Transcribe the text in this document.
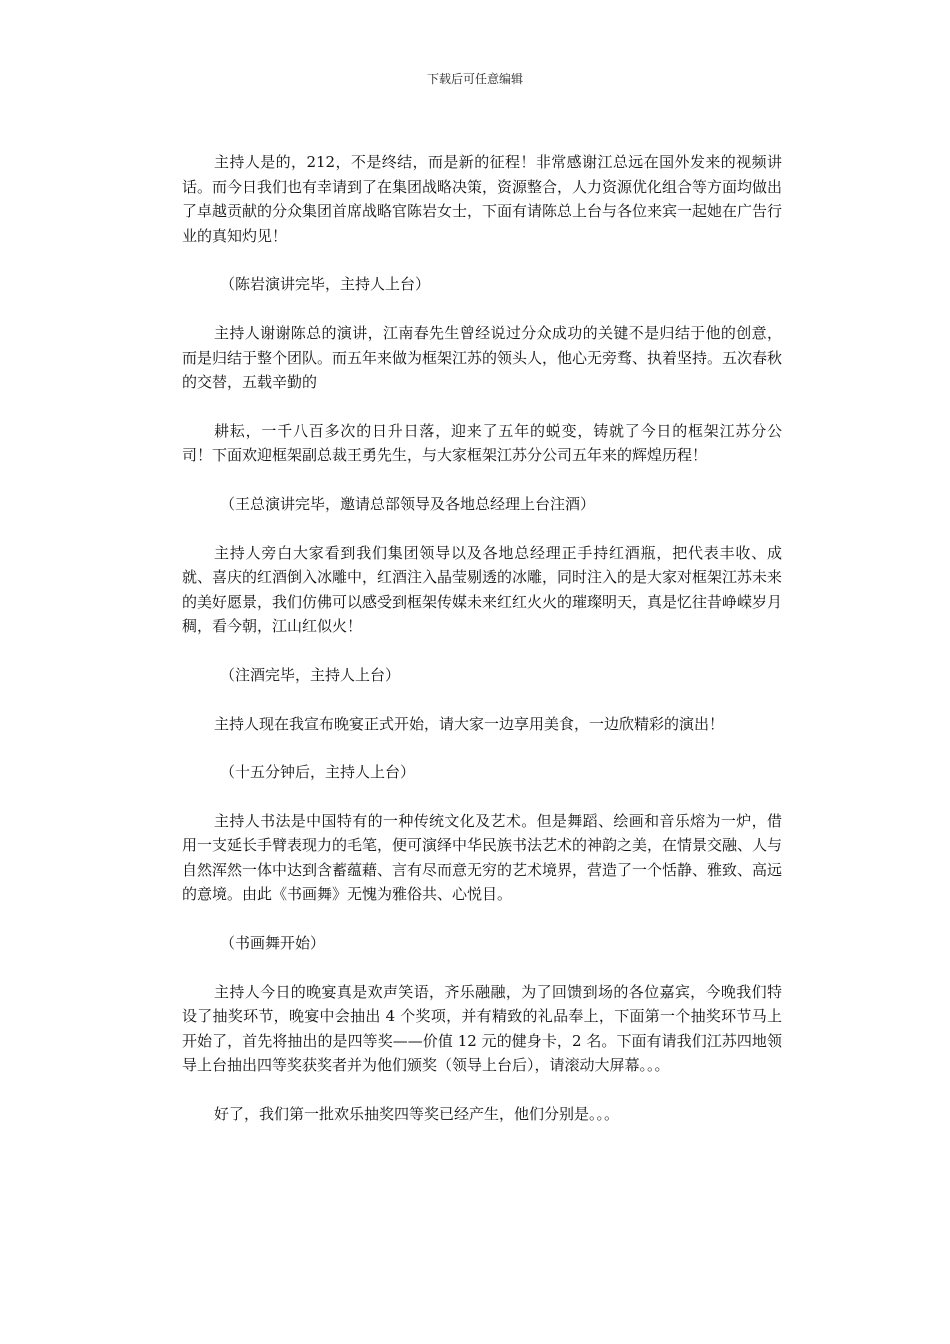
下载后可任意编辑

主持人是的，212，不是终结，而是新的征程！非常感谢江总远在国外发来的视频讲话。而今日我们也有幸请到了在集团战略决策，资源整合，人力资源优化组合等方面均做出了卓越贡献的分众集团首席战略官陈岩女士，下面有请陈总上台与各位来宾一起她在广告行业的真知灼见！

（陈岩演讲完毕，主持人上台）

主持人谢谢陈总的演讲，江南春先生曾经说过分众成功的关键不是归结于他的创意，而是归结于整个团队。而五年来做为框架江苏的领头人，他心无旁骛、执着坚持。五次春秋的交替，五载辛勤的

耕耘，一千八百多次的日升日落，迎来了五年的蜕变，铸就了今日的框架江苏分公司！下面欢迎框架副总裁王勇先生，与大家框架江苏分公司五年来的辉煌历程！

（王总演讲完毕，邀请总部领导及各地总经理上台注酒）

主持人旁白大家看到我们集团领导以及各地总经理正手持红酒瓶，把代表丰收、成就、喜庆的红酒倒入冰雕中，红酒注入晶莹剔透的冰雕，同时注入的是大家对框架江苏未来的美好愿景，我们仿佛可以感受到框架传媒未来红红火火的璀璨明天，真是忆往昔峥嵘岁月稠，看今朝，江山红似火！

（注酒完毕，主持人上台）

主持人现在我宣布晚宴正式开始，请大家一边享用美食，一边欣精彩的演出！

（十五分钟后，主持人上台）

主持人书法是中国特有的一种传统文化及艺术。但是舞蹈、绘画和音乐熔为一炉，借用一支延长手臂表现力的毛笔，便可演绎中华民族书法艺术的神韵之美，在情景交融、人与自然浑然一体中达到含蓄蕴藉、言有尽而意无穷的艺术境界，营造了一个恬静、雅致、高远的意境。由此《书画舞》无愧为雅俗共、心悦目。

（书画舞开始）

主持人今日的晚宴真是欢声笑语，齐乐融融，为了回馈到场的各位嘉宾，今晚我们特设了抽奖环节，晚宴中会抽出 4 个奖项，并有精致的礼品奉上，下面第一个抽奖环节马上开始了，首先将抽出的是四等奖——价值 12 元的健身卡，2 名。下面有请我们江苏四地领导上台抽出四等奖获奖者并为他们颁奖（领导上台后），请滚动大屏幕。。。

好了，我们第一批欢乐抽奖四等奖已经产生，他们分别是。。。
